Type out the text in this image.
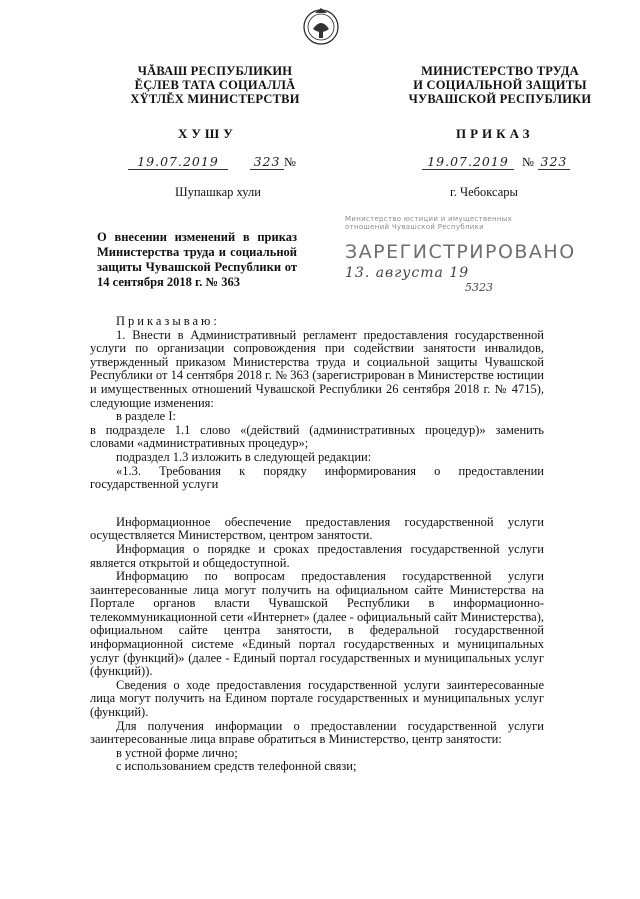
ЧĂВАШ РЕСПУБЛИКИН
ĔÇЛЕВ ТАТА СОЦИАЛЛĂ
ХŸТЛĔХ МИНИСТЕРСТВИ
МИНИСТЕРСТВО ТРУДА
И СОЦИАЛЬНОЙ ЗАЩИТЫ
ЧУВАШСКОЙ РЕСПУБЛИКИ
ХУШУ	ПРИКАЗ
19.07.2019	323 №	19.07.2019 № 323
Шупашкар хули	г. Чебоксары
О внесении изменений в приказ Министерства труда и социальной защиты Чувашской Республики от 14 сентября 2018 г. № 363
Министерство юстиции и имущественных
отношений Чувашской Республики
ЗАРЕГИСТРИРОВАНО
13. августа 19
5323

Приказываю:

1. Внести в Административный регламент предоставления государственной услуги по организации сопровождения при содействии занятости инвалидов, утвержденный приказом Министерства труда и социальной защиты Чувашской Республики от 14 сентября 2018 г. № 363 (зарегистрирован в Министерстве юстиции и имущественных отношений Чувашской Республики 26 сентября 2018 г. № 4715), следующие изменения:

в разделе I:

в подразделе 1.1 слово «(действий (административных процедур)» заменить словами «административных процедур»;

подраздел 1.3 изложить в следующей редакции:

«1.3. Требования к порядку информирования о предоставлении государственной услуги

Информационное обеспечение предоставления государственной услуги осуществляется Министерством, центром занятости.

Информация о порядке и сроках предоставления государственной услуги является открытой и общедоступной.

Информацию по вопросам предоставления государственной услуги заинтересованные лица могут получить на официальном сайте Министерства на Портале органов власти Чувашской Республики в информационно-телекоммуникационной сети «Интернет» (далее - официальный сайт Министерства), официальном сайте центра занятости, в федеральной государственной информационной системе «Единый портал государственных и муниципальных услуг (функций)» (далее - Единый портал государственных и муниципальных услуг (функций)).

Сведения о ходе предоставления государственной услуги заинтересованные лица могут получить на Едином портале государственных и муниципальных услуг (функций).

Для получения информации о предоставлении государственной услуги заинтересованные лица вправе обратиться в Министерство, центр занятости:

в устной форме лично;

с использованием средств телефонной связи;
